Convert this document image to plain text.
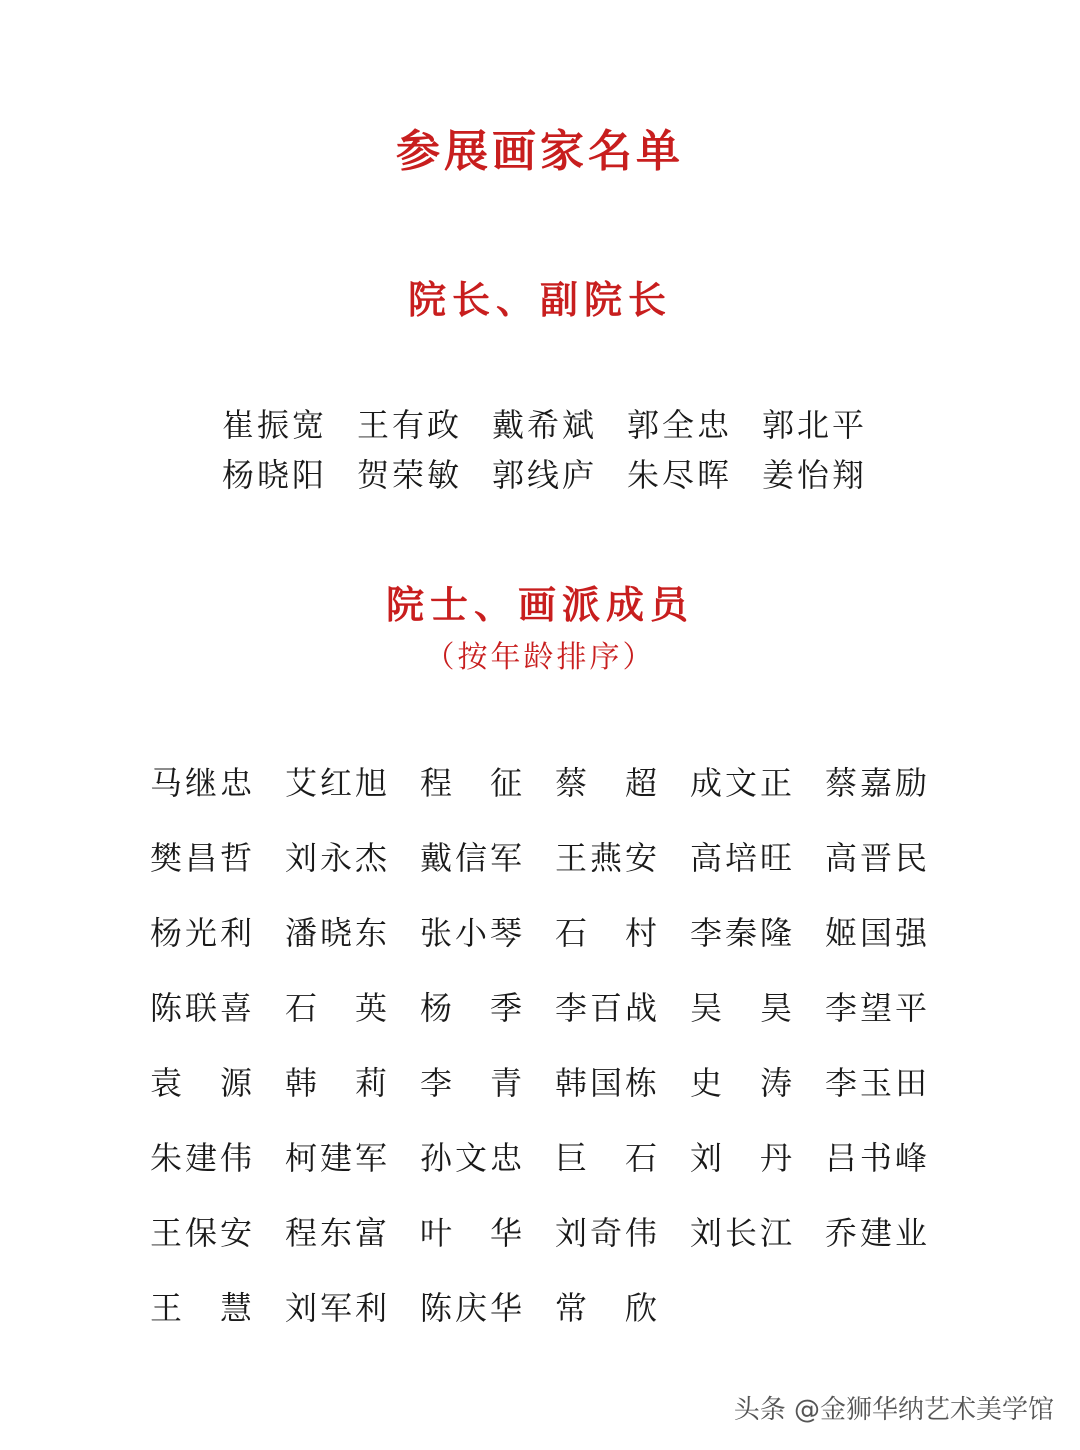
参展画家名单
院长、副院长
崔振宽 王有政 戴希斌 郭全忠 郭北平
杨晓阳 贺荣敏 郭线庐 朱尽晖 姜怡翔
院士、画派成员
（按年龄排序）
马继忠 艾红旭 程　征 蔡　超 成文正 蔡嘉励
樊昌哲 刘永杰 戴信军 王燕安 高培旺 高晋民
杨光利 潘晓东 张小琴 石　村 李秦隆 姬国强
陈联喜 石　英 杨　季 李百战 吴　昊 李望平
袁　源 韩　莉 李　青 韩国栋 史　涛 李玉田
朱建伟 柯建军 孙文忠 巨　石 刘　丹 吕书峰
王保安 程东富 叶　华 刘奇伟 刘长江 乔建业
王　慧 刘军利 陈庆华 常　欣
头条 @金狮华纳艺术美学馆
